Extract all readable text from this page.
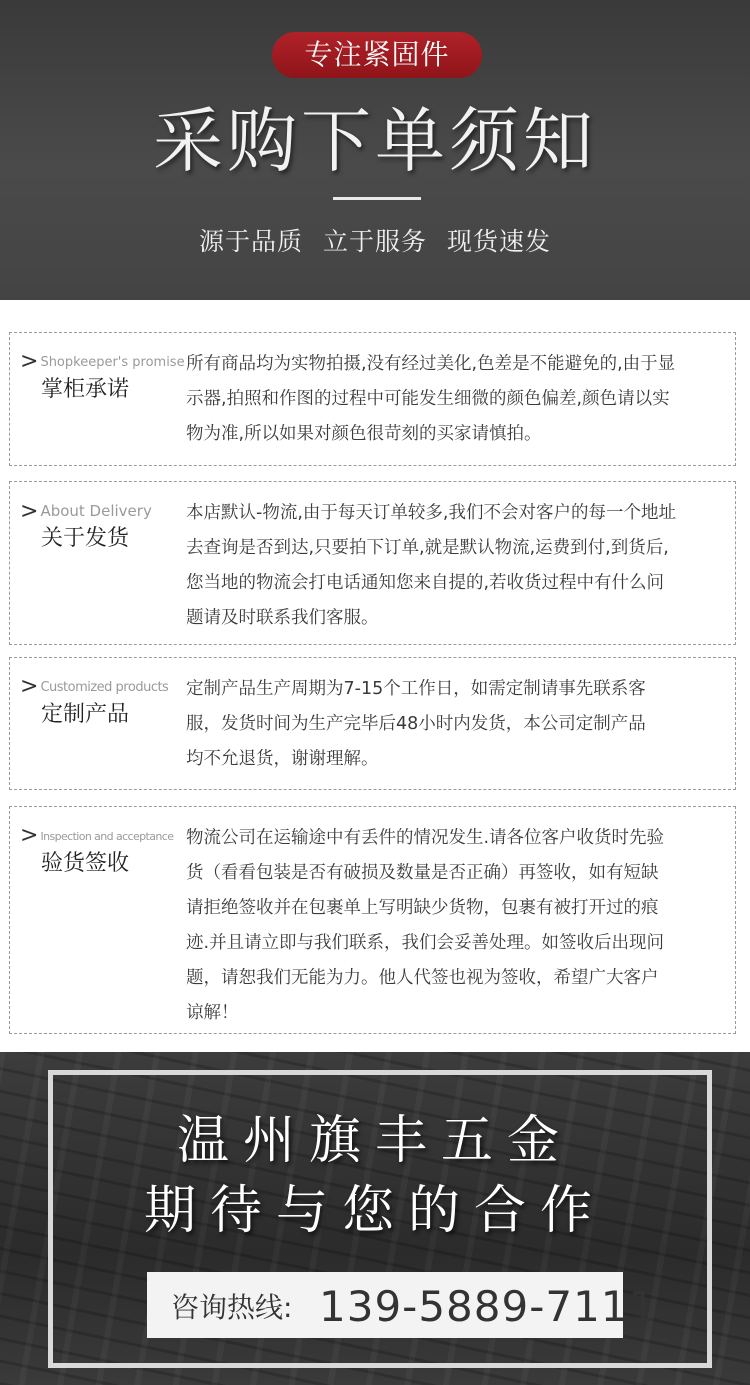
专注紧固件
采购下单须知
源于品质 立于服务 现货速发
> Shopkeeper's promise
掌柜承诺
所有商品均为实物拍摄,没有经过美化,色差是不能避免的,由于显
示器,拍照和作图的过程中可能发生细微的颜色偏差,颜色请以实
物为准,所以如果对颜色很苛刻的买家请慎拍。
> About Delivery
关于发货
本店默认-物流,由于每天订单较多,我们不会对客户的每一个地址
去查询是否到达,只要拍下订单,就是默认物流,运费到付,到货后,
您当地的物流会打电话通知您来自提的,若收货过程中有什么问
题请及时联系我们客服。
> Customized products
定制产品
定制产品生产周期为7-15个工作日，如需定制请事先联系客
服，发货时间为生产完毕后48小时内发货，本公司定制产品
均不允退货，谢谢理解。
> Inspection and acceptance
验货签收
物流公司在运输途中有丢件的情况发生.请各位客户收货时先验
货（看看包装是否有破损及数量是否正确）再签收，如有短缺
请拒绝签收并在包裹单上写明缺少货物，包裹有被打开过的痕
迹.并且请立即与我们联系，我们会妥善处理。如签收后出现问
题，请恕我们无能为力。他人代签也视为签收，希望广大客户
谅解！
温州旗丰五金
期待与您的合作
咨询热线: 139-5889-7111
